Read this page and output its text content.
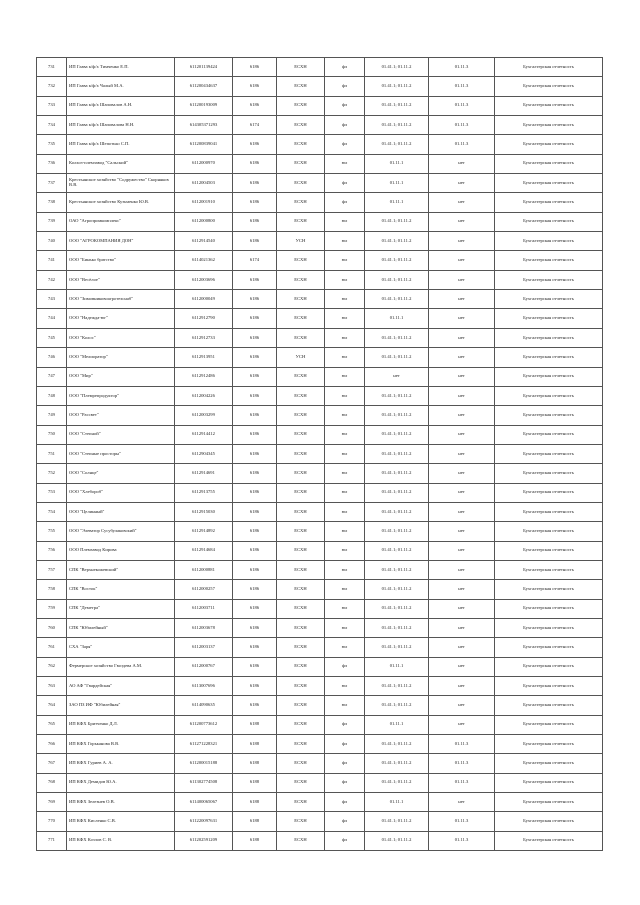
731	ИП Глава к/ф/х Тимченко Е.П.	611201139424	6186	ЕСХН	фл	01.41.1; 01.11.2	01.11.3	Бухгалтерская отчетность
732	ИП Глава к/ф/х Чалый М.А.	611200434637	6186	ЕСХН	фл	01.41.1; 01.11.2	01.11.3	Бухгалтерская отчетность
733	ИП Глава к/ф/х Шаповалов А.Н.	611200193009	6186	ЕСХН	фл	01.41.1; 01.11.2	01.11.3	Бухгалтерская отчетность
734	ИП Глава к/ф/х Шаповалова Н.Н.	614305371293	6174	ЕСХН	фл	01.41.1; 01.11.2	01.11.3	Бухгалтерская отчетность
735	ИП Глава к/ф/х Шепотько С.П.	611200839041	6186	ЕСХН	фл	01.41.1; 01.11.2	01.11.3	Бухгалтерская отчетность
736	Колхоз-племзавод "Сальский"	6112000970	6186	ЕСХН	юл	01.11.1	нет	Бухгалтерская отчетность
737	Крестьянское хозяйство "Содружество" Скорняков В.В.	6112004503	6186	ЕСХН	фл	01.11.1	нет	Бухгалтерская отчетность
738	Крестьянское хозяйство Кузьменко Ю.В.	6112001910	6186	ЕСХН	фл	01.11.1	нет	Бухгалтерская отчетность
739	ОАО "Агропромкомплекс"	6112000800	6186	ЕСХН	юл	01.41.1; 01.11.2	нет	Бухгалтерская отчетность
740	ООО "АГРОКОМПАНИЯ ДОН"	6112914540	6186	УСН	юл	01.41.1; 01.11.2	нет	Бухгалтерская отчетность
741	ООО "Бинько братство"	6114021362	6174	ЕСХН	юл	01.41.1; 01.11.2	нет	Бухгалтерская отчетность
742	ООО "Весёлое"	6112003696	6186	ЕСХН	юл	01.41.1; 01.11.2	нет	Бухгалтерская отчетность
743	ООО "Зимовниковоагротехснаб"	6112000049	6186	ЕСХН	юл	01.41.1; 01.11.2	нет	Бухгалтерская отчетность
744	ООО "Надежда-юг"	6112912790	6186	ЕСХН	юл	01.11.1	нет	Бухгалтерская отчетность
745	ООО "Колос"	6112912733	6186	ЕСХН	юл	01.41.1; 01.11.2	нет	Бухгалтерская отчетность
746	ООО "Мелиоратор"	6112913951	6186	УСН	юл	01.41.1; 01.11.2	нет	Бухгалтерская отчетность
747	ООО "Мир"	6112912486	6186	ЕСХН	юл	нет	нет	Бухгалтерская отчетность
748	ООО "Племрепродуктор"	6112004226	6186	ЕСХН	юл	01.41.1; 01.11.2	нет	Бухгалтерская отчетность
749	ООО "Рассвет"	6112003299	6186	ЕСХН	юл	01.41.1; 01.11.2	нет	Бухгалтерская отчетность
750	ООО "Степной"	6112914412	6186	ЕСХН	юл	01.41.1; 01.11.2	нет	Бухгалтерская отчетность
751	ООО "Степные просторы"	6112904345	6186	ЕСХН	юл	01.41.1; 01.11.2	нет	Бухгалтерская отчетность
752	ООО "Солнце"	6112914691	6186	ЕСХН	юл	01.41.1; 01.11.2	нет	Бухгалтерская отчетность
753	ООО "Хлебороб"	6112913755	6186	ЕСХН	юл	01.41.1; 01.11.2	нет	Бухгалтерская отчетность
754	ООО "Целинный"	6112915030	6186	ЕСХН	юл	01.41.1; 01.11.2	нет	Бухгалтерская отчетность
755	ООО "Элеватор Сусубулаковский"	6112914892	6186	ЕСХН	юл	01.41.1; 01.11.2	нет	Бухгалтерская отчетность
756	ООО Племзавод Кирова	6112914684	6186	ЕСХН	юл	01.41.1; 01.11.2	нет	Бухгалтерская отчетность
757	СПК "Верхнекожевский"	6112000881	6186	ЕСХН	юл	01.41.1; 01.11.2	нет	Бухгалтерская отчетность
758	СПК "Восток"	6112000257	6186	ЕСХН	юл	01.41.1; 01.11.2	нет	Бухгалтерская отчетность
759	СПК "Деметра"	6112003711	6186	ЕСХН	юл	01.41.1; 01.11.2	нет	Бухгалтерская отчетность
760	СПК "Юбилейный"	6112003678	6186	ЕСХН	юл	01.41.1; 01.11.2	нет	Бухгалтерская отчетность
761	СХА "Заря"	6112003137	6186	ЕСХН	юл	01.41.1; 01.11.2	нет	Бухгалтерская отчетность
762	Фермерское хозяйство Гвоздева А.М.	6112000767	6186	ЕСХН	фл	01.11.1	нет	Бухгалтерская отчетность
763	АО АФ "Гвардейская"	6113007696	6186	ЕСХН	юл	01.41.1; 01.11.2	нет	Бухгалтерская отчетность
764	ЗАО ПЗ ИФ "Юбилейная"	6114090635	6186	ЕСХН	юл	01.41.1; 01.11.2	нет	Бухгалтерская отчетность
765	ИП КФХ Бритченко Д.Л.	611200773612	6188	ЕСХН	фл	01.11.1	нет	Бухгалтерская отчетность
766	ИП КФХ Горьканова В.В.	611271228321	6188	ЕСХН	фл	01.41.1; 01.11.2	01.11.3	Бухгалтерская отчетность
767	ИП КФХ Гуриев А. А.	611200015188	6188	ЕСХН	фл	01.41.1; 01.11.2	01.11.3	Бухгалтерская отчетность
768	ИП КФХ Демидов Ю.А.	611302774508	6188	ЕСХН	фл	01.41.1; 01.11.2	01.11.3	Бухгалтерская отчетность
769	ИП КФХ Зелезнев О.В.	611400065067	6188	ЕСХН	фл	01.11.1	нет	Бухгалтерская отчетность
770	ИП КФХ Кисленко С.В.	611220097631	6188	ЕСХН	фл	01.41.1; 01.11.2	01.11.3	Бухгалтерская отчетность
771	ИП КФХ Козлов С. В.	611202591209	6188	ЕСХН	фл	01.41.1; 01.11.2	01.11.3	Бухгалтерская отчетность
